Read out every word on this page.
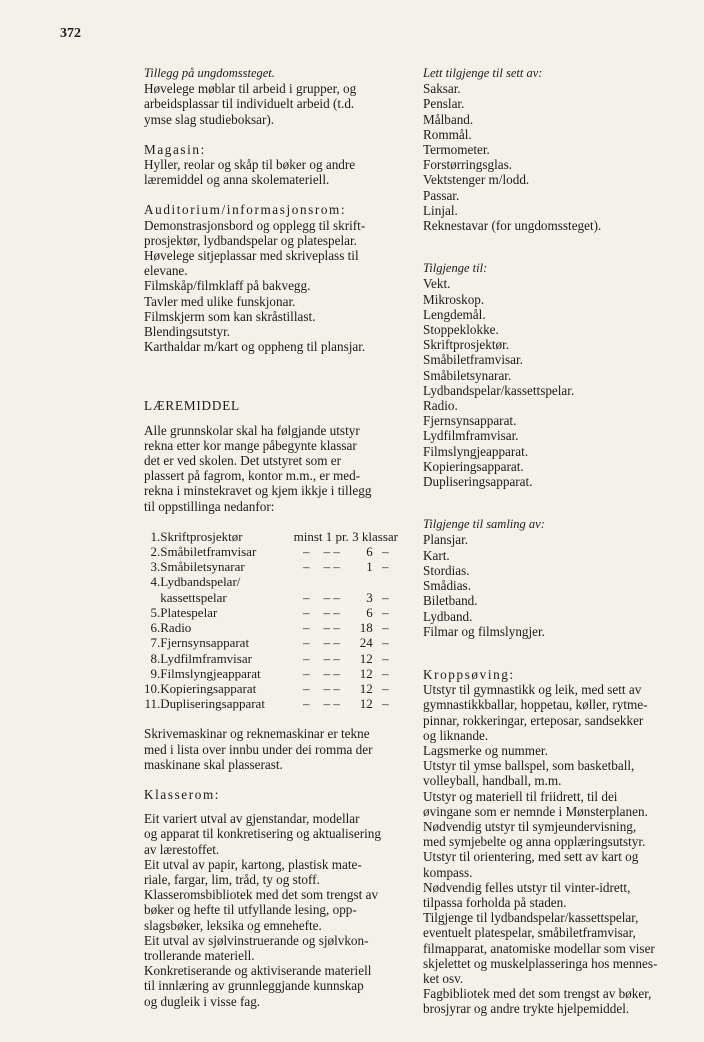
372
Tillegg på ungdomssteget.
Høvelege møblar til arbeid i grupper, og
arbeidsplassar til individuelt arbeid (t.d.
ymse slag studieboksar).
Magasin:
Hyller, reolar og skåp til bøker og andre
læremiddel og anna skolemateriell.
Auditorium/informasjonsrom:
Demonstrasjonsbord og opplegg til skrift-
prosjektør, lydbandspelar og platespelar.
Høvelege sitjeplassar med skriveplass til
elevane.
Filmskåp/filmklaff på bakvegg.
Tavler med ulike funskjonar.
Filmskjerm som kan skråstillast.
Blendingsutstyr.
Karthaldar m/kart og oppheng til plansjar.
LÆREMIDDEL
Alle grunnskolar skal ha følgjande utstyr
rekna etter kor mange påbegynte klassar
det er ved skolen. Det utstyret som er
plassert på fagrom, kontor m.m., er med-
rekna i minstekravet og kjem ikkje i tillegg
til oppstillinga nedanfor:
1.	Skriftprosjektør	minst 1 pr. 3 klassar			
2.	Småbiletframvisar	–	– –	6	–
3.	Småbiletsynarar	–	– –	1	–
4.	Lydbandspelar/				
	kassettspelar	–	– –	3	–
5.	Platespelar	–	– –	6	–
6.	Radio	–	– –	18	–
7.	Fjernsynsapparat	–	– –	24	–
8.	Lydfilmframvisar	–	– –	12	–
9.	Filmslyngjeapparat	–	– –	12	–
10.	Kopieringsapparat	–	– –	12	–
11.	Dupliseringsapparat	–	– –	12	–
Skrivemaskinar og reknemaskinar er tekne
med i lista over innbu under dei romma der
maskinane skal plasserast.
Klasserom:
Eit variert utval av gjenstandar, modellar
og apparat til konkretisering og aktualisering
av lærestoffet.
Eit utval av papir, kartong, plastisk mate-
riale, fargar, lim, tråd, ty og stoff.
Klasseromsbibliotek med det som trengst av
bøker og hefte til utfyllande lesing, opp-
slagsbøker, leksika og emnehefte.
Eit utval av sjølvinstruerande og sjølvkon-
trollerande materiell.
Konkretiserande og aktiviserande materiell
til innlæring av grunnleggjande kunnskap
og dugleik i visse fag.
Lett tilgjenge til sett av:
Saksar.
Penslar.
Målband.
Rommål.
Termometer.
Forstørringsglas.
Vektstenger m/lodd.
Passar.
Linjal.
Reknestavar (for ungdomssteget).
Tilgjenge til:
Vekt.
Mikroskop.
Lengdemål.
Stoppeklokke.
Skriftprosjektør.
Småbiletframvisar.
Småbiletsynarar.
Lydbandspelar/kassettspelar.
Radio.
Fjernsynsapparat.
Lydfilmframvisar.
Filmslyngjeapparat.
Kopieringsapparat.
Dupliseringsapparat.
Tilgjenge til samling av:
Plansjar.
Kart.
Stordias.
Smådias.
Biletband.
Lydband.
Filmar og filmslyngjer.
Kroppsøving:
Utstyr til gymnastikk og leik, med sett av
gymnastikkballar, hoppetau, køller, rytme-
pinnar, rokkeringar, erteposar, sandsekker
og liknande.
Lagsmerke og nummer.
Utstyr til ymse ballspel, som basketball,
volleyball, handball, m.m.
Utstyr og materiell til friidrett, til dei
øvingane som er nemnde i Mønsterplanen.
Nødvendig utstyr til symjeundervisning,
med symjebelte og anna opplæringsutstyr.
Utstyr til orientering, med sett av kart og
kompass.
Nødvendig felles utstyr til vinter-idrett,
tilpassa forholda på staden.
Tilgjenge til lydbandspelar/kassettspelar,
eventuelt platespelar, småbiletframvisar,
filmapparat, anatomiske modellar som viser
skjelettet og muskelplasseringa hos mennes-
ket osv.
Fagbibliotek med det som trengst av bøker,
brosjyrar og andre trykte hjelpemiddel.
